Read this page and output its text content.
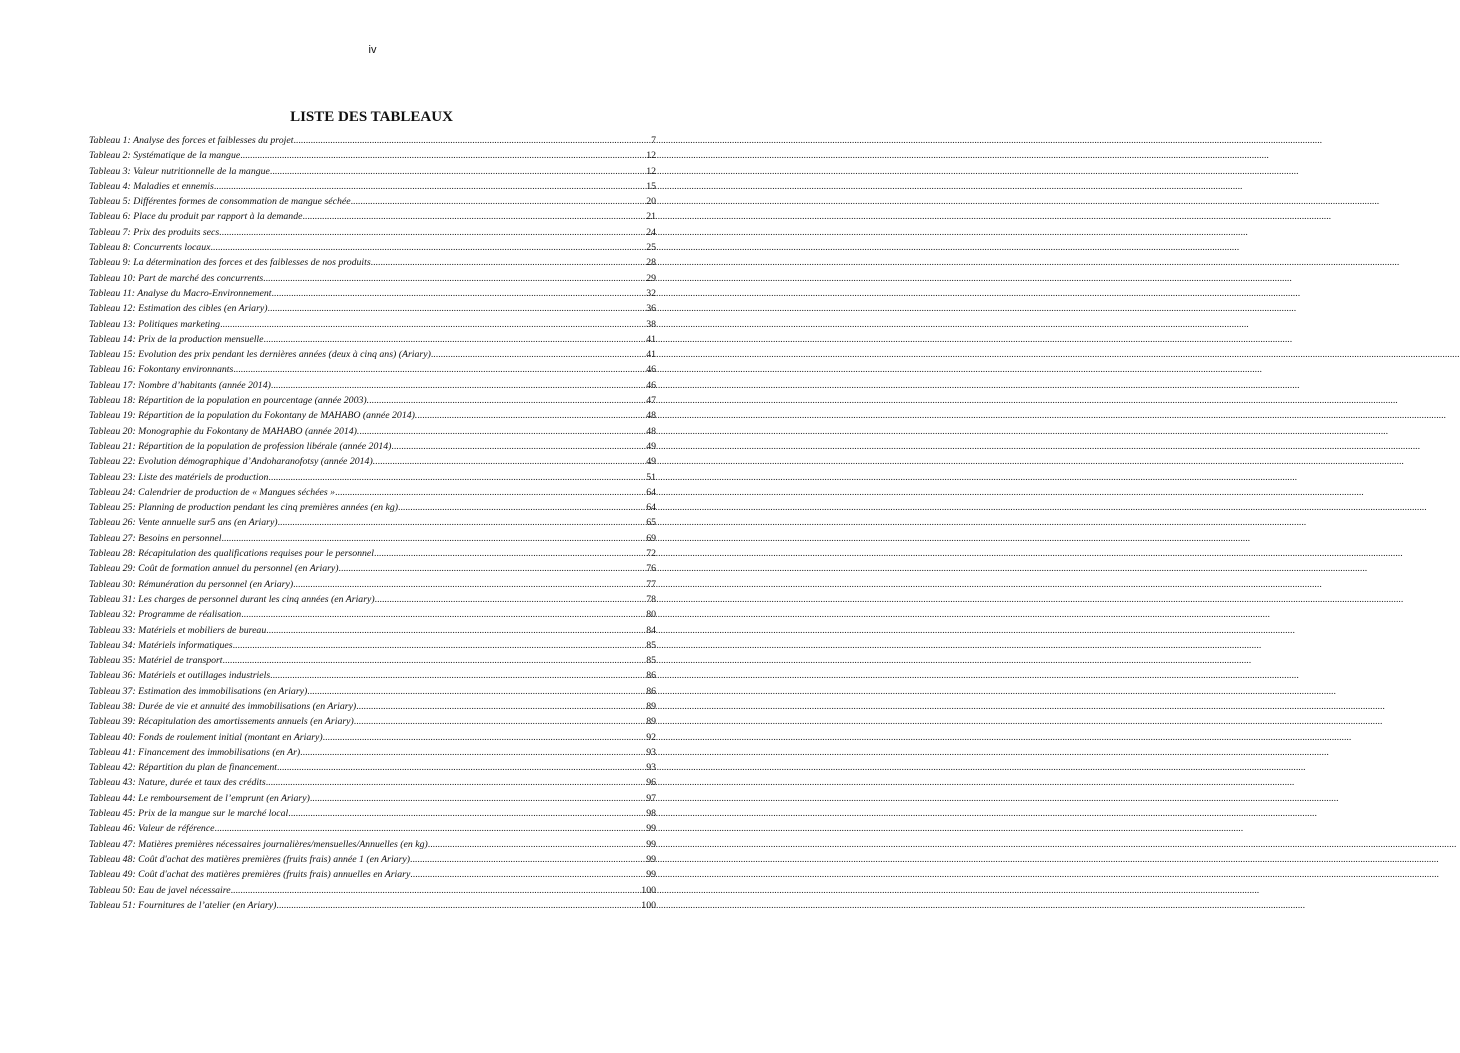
iv
LISTE DES TABLEAUX
Tableau 1: Analyse des forces et faiblesses du projet .....	7
Tableau 2: Systématique de la mangue .....	12
Tableau 3: Valeur nutritionnelle de la mangue .....	12
Tableau 4: Maladies et ennemis .....	15
Tableau 5: Différentes formes de consommation de mangue séchée .....	20
Tableau 6: Place du produit par rapport à la demande .....	21
Tableau 7: Prix des produits secs .....	24
Tableau 8: Concurrents locaux .....	25
Tableau 9: La détermination des forces et des faiblesses de nos produits .....	28
Tableau 10: Part de marché des concurrents .....	29
Tableau 11: Analyse du Macro-Environnement .....	32
Tableau 12: Estimation des cibles (en Ariary) .....	36
Tableau 13: Politiques marketing .....	38
Tableau 14: Prix de la production mensuelle .....	41
Tableau 15: Evolution des prix pendant les dernières années (deux à cinq ans) (Ariary) .....	41
Tableau 16: Fokontany environnants .....	46
Tableau 17: Nombre d’habitants (année 2014) .....	46
Tableau 18: Répartition de la population en pourcentage (année 2003). .....	47
Tableau 19: Répartition de la population du Fokontany de MAHABO (année 2014). .....	48
Tableau 20: Monographie du Fokontany de MAHABO (année 2014). .....	48
Tableau 21: Répartition de la population de profession libérale (année 2014) .....	49
Tableau 22: Evolution démographique d’Andoharanofotsy (année 2014). .....	49
Tableau 23: Liste des matériels de production .....	51
Tableau 24: Calendrier de production de « Mangues séchées » .....	64
Tableau 25: Planning de production pendant les cinq premières années (en kg) .....	64
Tableau 26: Vente annuelle sur5 ans (en Ariary) .....	65
Tableau 27: Besoins en personnel .....	69
Tableau 28: Récapitulation des qualifications requises pour le personnel .....	72
Tableau 29: Coût de formation annuel du personnel (en Ariary) .....	76
Tableau 30: Rémunération du personnel (en Ariary) .....	77
Tableau 31: Les charges de personnel durant les cinq années (en Ariary) .....	78
Tableau 32: Programme de réalisation .....	80
Tableau 33: Matériels et mobiliers de bureau .....	84
Tableau 34: Matériels informatiques .....	85
Tableau 35: Matériel de transport .....	85
Tableau 36: Matériels et outillages industriels .....	86
Tableau 37: Estimation des immobilisations (en Ariary) .....	86
Tableau 38: Durée de vie et annuité des immobilisations (en Ariary) .....	89
Tableau 39: Récapitulation des amortissements annuels (en Ariary) .....	89
Tableau 40: Fonds de roulement initial (montant en Ariary) .....	92
Tableau 41: Financement des immobilisations (en Ar) .....	93
Tableau 42: Répartition du plan de financement .....	93
Tableau 43: Nature, durée et taux des crédits .....	96
Tableau 44: Le remboursement de l’emprunt (en Ariary) .....	97
Tableau 45: Prix de la mangue sur le marché local .....	98
Tableau 46: Valeur de référence .....	99
Tableau 47: Matières premières nécessaires journalières/mensuelles/Annuelles (en kg) .....	99
Tableau 48: Coût d'achat des matières premières (fruits frais) année 1 (en Ariary) .....	99
Tableau 49: Coût d'achat des matières premières (fruits frais) annuelles en Ariary .....	99
Tableau 50: Eau de javel nécessaire .....	100
Tableau 51: Fournitures de l’atelier (en Ariary) .....	100
